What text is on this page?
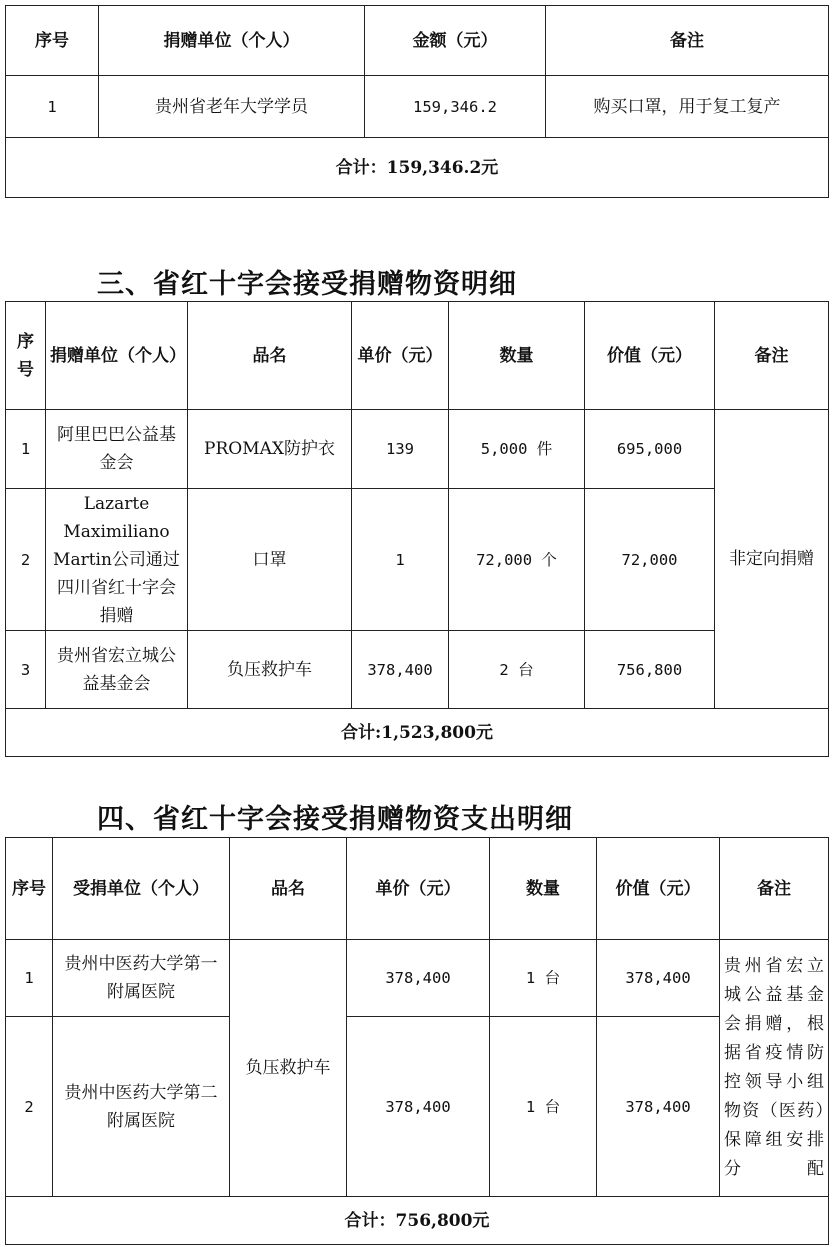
序号	捐赠单位（个人）	金额（元）	备注
1	贵州省老年大学学员	159,346.2	购买口罩，用于复工复产
合计：159,346.2元			
三、省红十字会接受捐赠物资明细
序号	捐赠单位（个人）	品名	单价（元）	数量	价值（元）	备注
1	阿里巴巴公益基金会	PROMAX防护衣	139	5,000 件	695,000	非定向捐赠
2	Lazarte Maximiliano Martin公司通过四川省红十字会捐赠	口罩	1	72,000 个	72,000	
3	贵州省宏立城公益基金会	负压救护车	378,400	2 台	756,800	
合计:1,523,800元						
四、省红十字会接受捐赠物资支出明细
序号	受捐单位（个人）	品名	单价（元）	数量	价值（元）	备注
1	贵州中医药大学第一附属医院	负压救护车	378,400	1 台	378,400	贵州省宏立城公益基金会捐赠，根据省疫情防控领导小组物资（医药）保障组安排分配
2	贵州中医药大学第二附属医院		378,400	1 台	378,400	
合计：756,800元						
